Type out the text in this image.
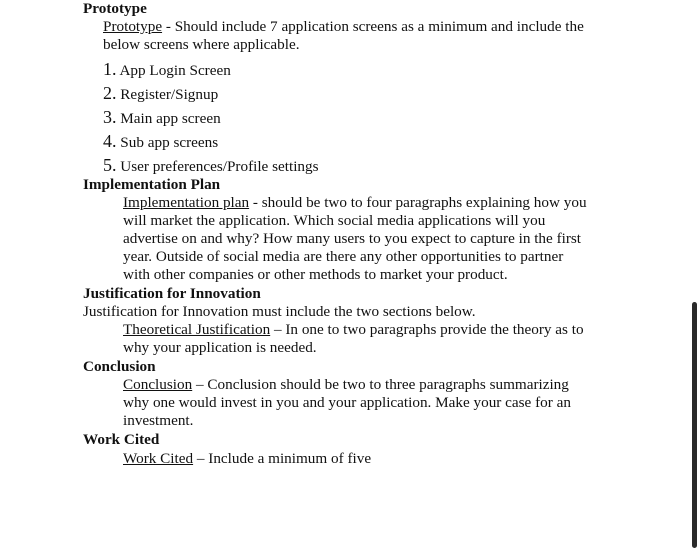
Prototype
Prototype - Should include 7 application screens as a minimum and include the
below screens where applicable.
1. App Login Screen
2. Register/Signup
3. Main app screen
4. Sub app screens
5. User preferences/Profile settings
Implementation Plan
Implementation plan - should be two to four paragraphs explaining how you
will market the application. Which social media applications will you
advertise on and why? How many users to you expect to capture in the first
year. Outside of social media are there any other opportunities to partner
with other companies or other methods to market your product.
Justification for Innovation
Justification for Innovation must include the two sections below.
Theoretical Justification – In one to two paragraphs provide the theory as to
why your application is needed.
Conclusion
Conclusion – Conclusion should be two to three paragraphs summarizing
why one would invest in you and your application. Make your case for an
investment.
Work Cited
Work Cited – Include a minimum of five
